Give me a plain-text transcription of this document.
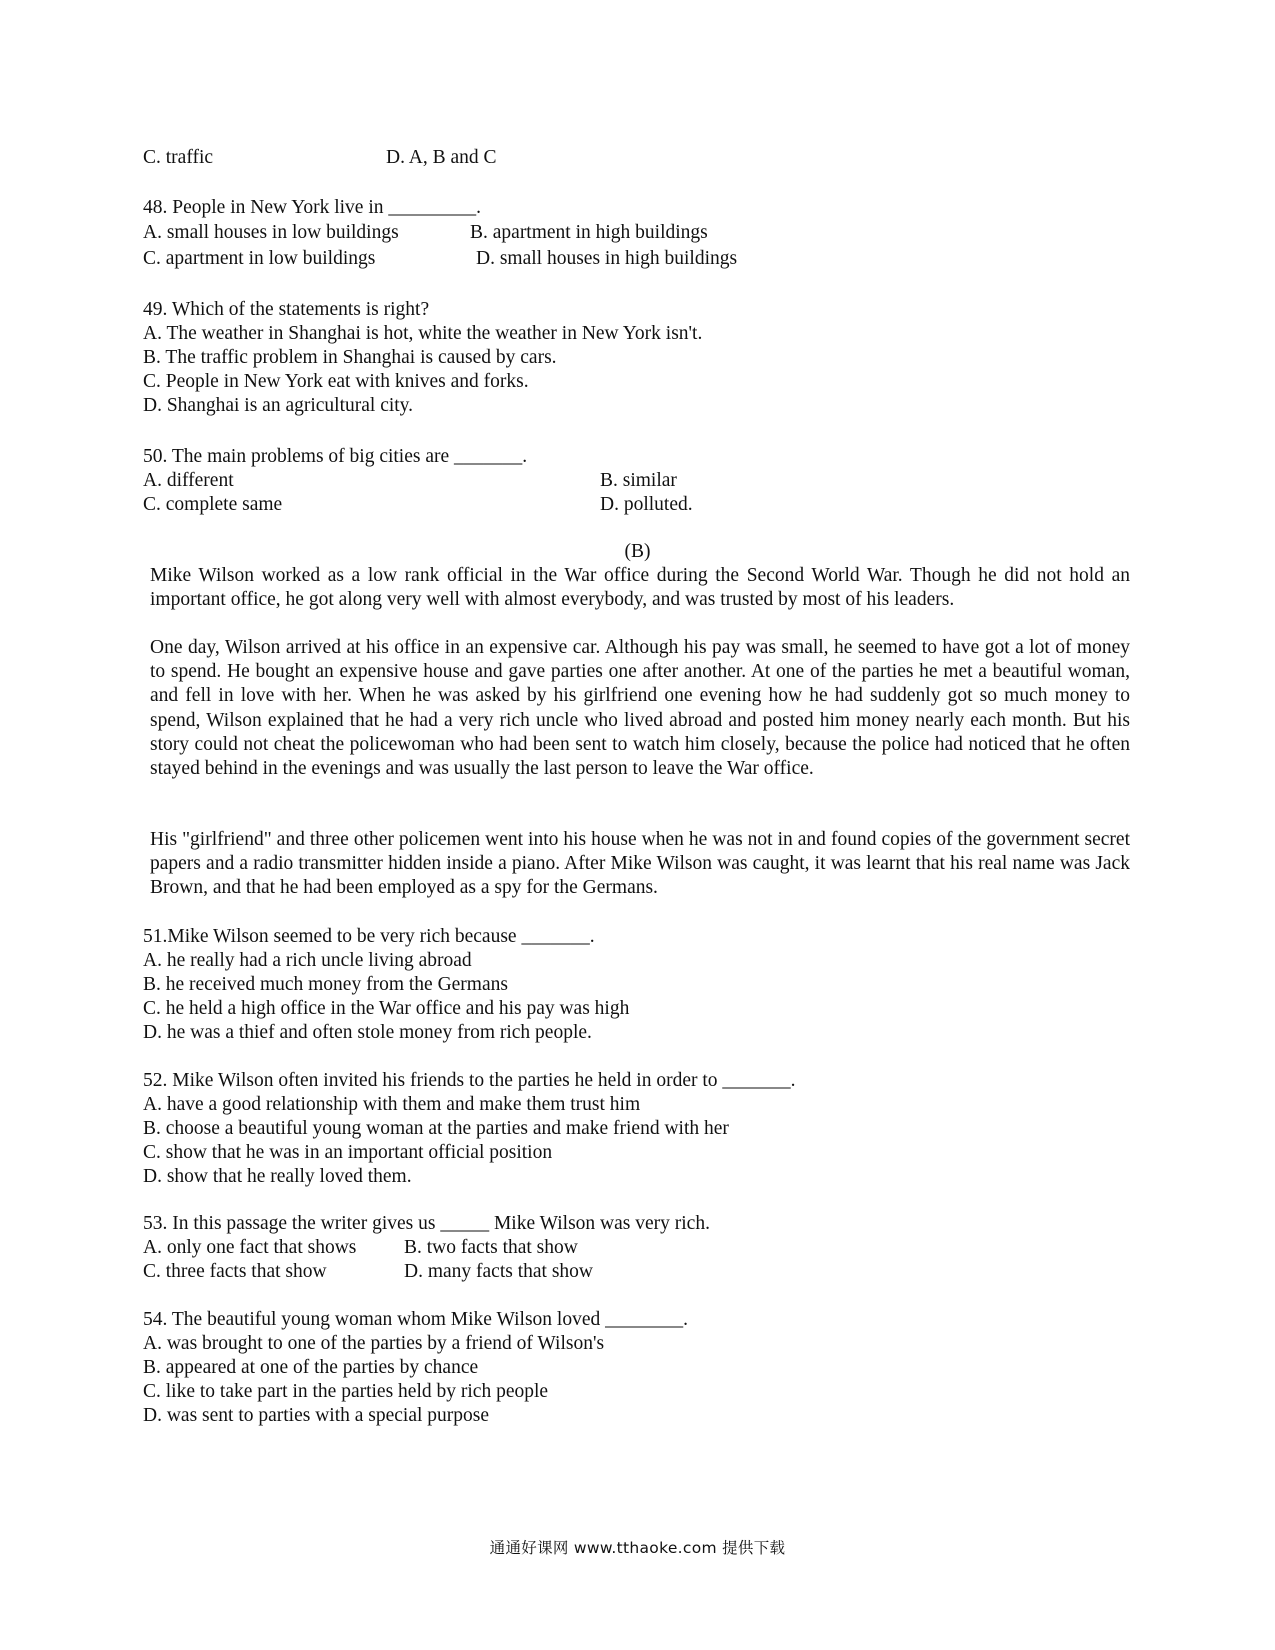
C. traffic	D. A, B and C
48. People in New York live in _________.
A. small houses in low buildings	B. apartment in high buildings
C. apartment in low buildings	D. small houses in high buildings
49. Which of the statements is right?
A. The weather in Shanghai is hot, white the weather in New York isn't.
B. The traffic problem in Shanghai is caused by cars.
C. People in New York eat with knives and forks.
D. Shanghai is an agricultural city.
50. The main problems of big cities are _______.
A. different	B. similar
C. complete same	D. polluted.
(B)
Mike Wilson worked as a low rank official in the War office during the Second World War. Though he did not hold an important office, he got along very well with almost everybody, and was trusted by most of his leaders.
One day, Wilson arrived at his office in an expensive car. Although his pay was small, he seemed to have got a lot of money to spend. He bought an expensive house and gave parties one after another. At one of the parties he met a beautiful woman, and fell in love with her. When he was asked by his girlfriend one evening how he had suddenly got so much money to spend, Wilson explained that he had a very rich uncle who lived abroad and posted him money nearly each month. But his story could not cheat the policewoman who had been sent to watch him closely, because the police had noticed that he often stayed behind in the evenings and was usually the last person to leave the War office.
His "girlfriend" and three other policemen went into his house when he was not in and found copies of the government secret papers and a radio transmitter hidden inside a piano. After Mike Wilson was caught, it was learnt that his real name was Jack Brown, and that he had been employed as a spy for the Germans.
51.Mike Wilson seemed to be very rich because _______.
A. he really had a rich uncle living abroad
B. he received much money from the Germans
C. he held a high office in the War office and his pay was high
D. he was a thief and often stole money from rich people.
52. Mike Wilson often invited his friends to the parties he held in order to _______.
A. have a good relationship with them and make them trust him
B. choose a beautiful young woman at the parties and make friend with her
C. show that he was in an important official position
D. show that he really loved them.
53. In this passage the writer gives us _____ Mike Wilson was very rich.
A. only one fact that shows B. two facts that show
C. three facts that show	D. many facts that show
54. The beautiful young woman whom Mike Wilson loved ________.
A. was brought to one of the parties by a friend of Wilson's
B. appeared at one of the parties by chance
C. like to take part in the parties held by rich people
D. was sent to parties with a special purpose
通通好课网 www.tthaoke.com 提供下载
